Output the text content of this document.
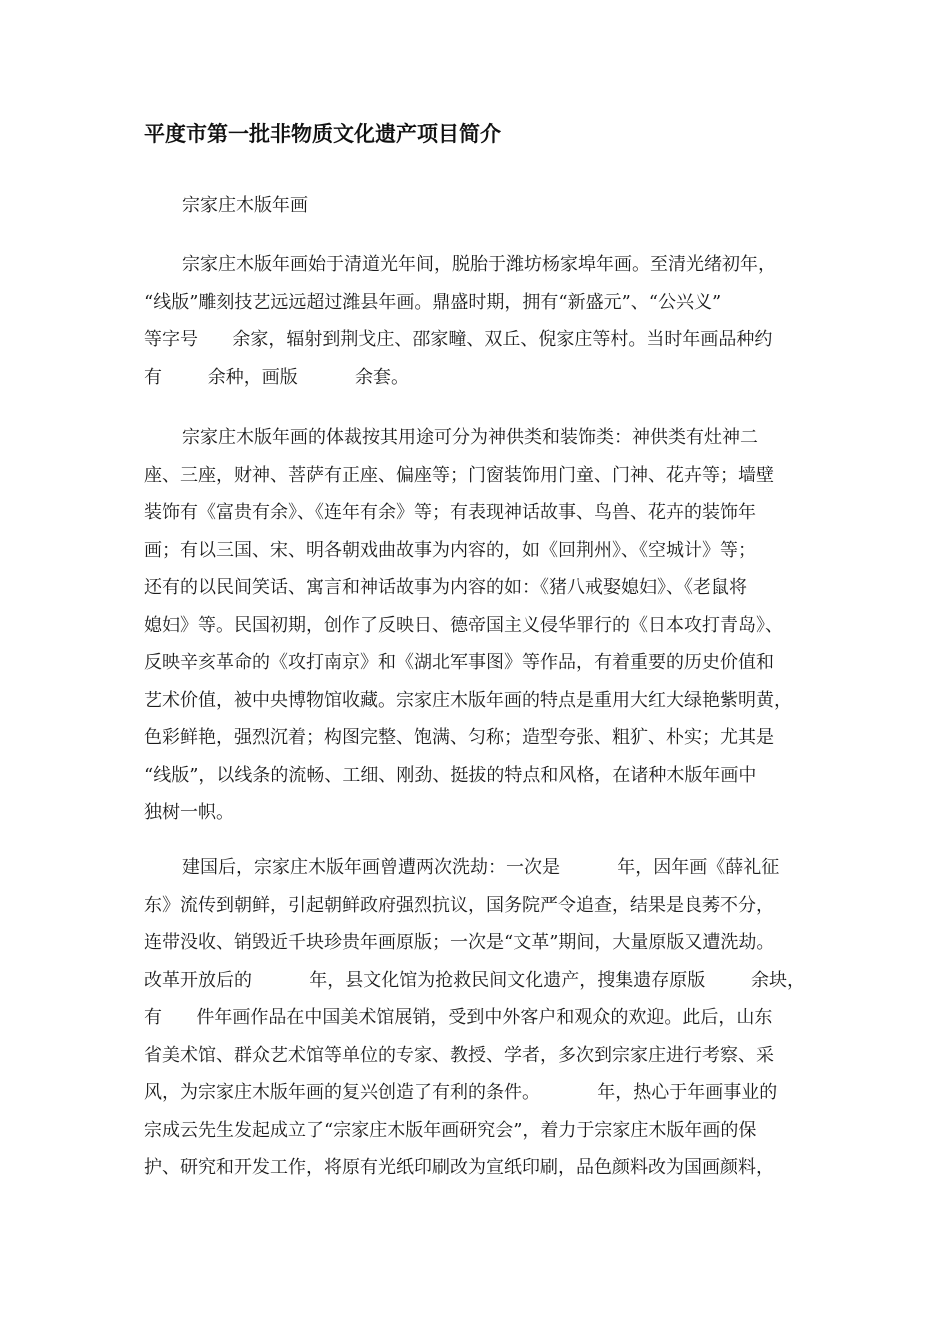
平度市第一批非物质文化遗产项目简介
宗家庄木版年画
宗家庄木版年画始于清道光年间，脱胎于潍坊杨家埠年画。至清光绪初年，
“线版”雕刻技艺远远超过潍县年画。鼎盛时期，拥有“新盛元”、“公兴义”
等字号      余家，辐射到荆戈庄、邵家疃、双丘、倪家庄等村。当时年画品种约
有        余种，画版          余套。
宗家庄木版年画的体裁按其用途可分为神供类和装饰类：神供类有灶神二
座、三座，财神、菩萨有正座、偏座等；门窗装饰用门童、门神、花卉等；墙壁
装饰有《富贵有余》、《连年有余》等；有表现神话故事、鸟兽、花卉的装饰年
画；有以三国、宋、明各朝戏曲故事为内容的，如《回荆州》、《空城计》等；
还有的以民间笑话、寓言和神话故事为内容的如：《猪八戒娶媳妇》、《老鼠将
媳妇》等。民国初期，创作了反映日、德帝国主义侵华罪行的《日本攻打青岛》、
反映辛亥革命的《攻打南京》和《湖北军事图》等作品，有着重要的历史价值和
艺术价值，被中央博物馆收藏。宗家庄木版年画的特点是重用大红大绿艳紫明黄，
色彩鲜艳，强烈沉着；构图完整、饱满、匀称；造型夸张、粗犷、朴实；尤其是
“线版”，以线条的流畅、工细、刚劲、挺拔的特点和风格，在诸种木版年画中
独树一帜。
建国后，宗家庄木版年画曾遭两次洗劫：一次是          年，因年画《薛礼征
东》流传到朝鲜，引起朝鲜政府强烈抗议，国务院严令追查，结果是良莠不分，
连带没收、销毁近千块珍贵年画原版；一次是“文革”期间，大量原版又遭洗劫。
改革开放后的          年，县文化馆为抢救民间文化遗产，搜集遗存原版        余块，
有      件年画作品在中国美术馆展销，受到中外客户和观众的欢迎。此后，山东
省美术馆、群众艺术馆等单位的专家、教授、学者，多次到宗家庄进行考察、采
风，为宗家庄木版年画的复兴创造了有利的条件。          年，热心于年画事业的
宗成云先生发起成立了“宗家庄木版年画研究会”，着力于宗家庄木版年画的保
护、研究和开发工作，将原有光纸印刷改为宣纸印刷，品色颜料改为国画颜料，
